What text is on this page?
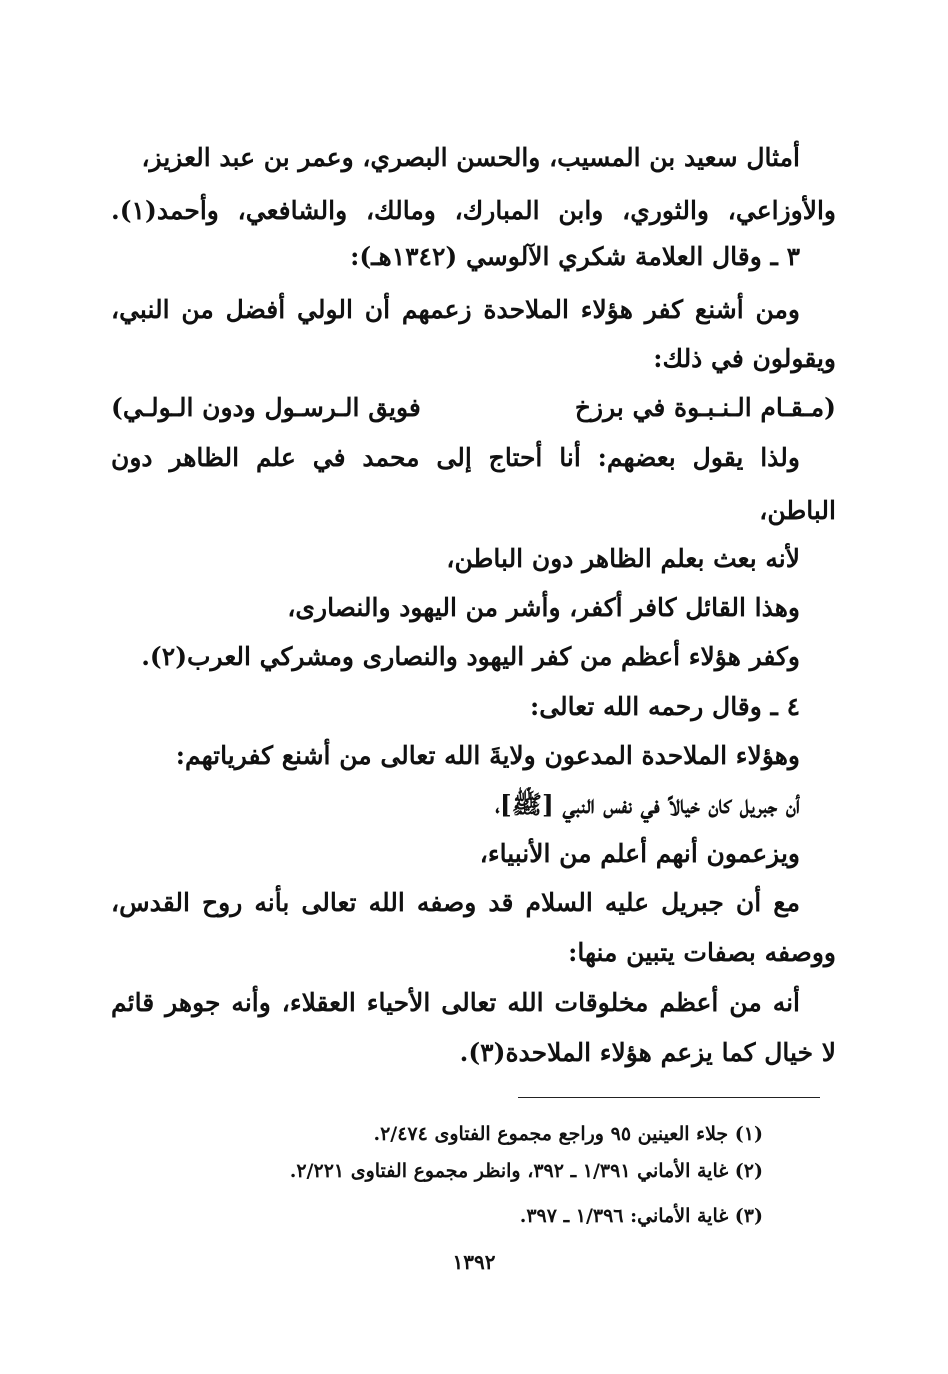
أمثال سعيد بن المسيب، والحسن البصري، وعمر بن عبد العزيز،
والأوزاعي، والثوري، وابن المبارك، ومالك، والشافعي، وأحمد(١).
٣ ـ وقال العلامة شكري الآلوسي (١٣٤٢هـ):
ومن أشنع كفر هؤلاء الملاحدة زعمهم أن الولي أفضل من النبي،
ويقولون في ذلك:
(مـقـام الـنـبـوة في برزخ
فويق الـرسـول ودون الـولـي)
ولذا يقول بعضهم: أنا أحتاج إلى محمد في علم الظاهر دون
الباطن،
لأنه بعث بعلم الظاهر دون الباطن،
وهذا القائل كافر أكفر، وأشر من اليهود والنصارى،
وكفر هؤلاء أعظم من كفر اليهود والنصارى ومشركي العرب(٢).
٤ ـ وقال رحمه الله تعالى:
وهؤلاء الملاحدة المدعون ولايةَ الله تعالى من أشنع كفرياتهم:
أن جبريل كان خيالاً في نفس النبي [ﷺ]،
ويزعمون أنهم أعلم من الأنبياء،
مع أن جبريل عليه السلام قد وصفه الله تعالى بأنه روح القدس،
ووصفه بصفات يتبين منها:
أنه من أعظم مخلوقات الله تعالى الأحياء العقلاء، وأنه جوهر قائم
لا خيال كما يزعم هؤلاء الملاحدة(٣).
(١) جلاء العينين ٩٥ وراجع مجموع الفتاوى ٢/٤٧٤.
(٢) غاية الأماني ١/٣٩١ ـ ٣٩٢، وانظر مجموع الفتاوى ٢/٢٢١.
(٣) غاية الأماني: ١/٣٩٦ ـ ٣٩٧.
١٣٩٢
